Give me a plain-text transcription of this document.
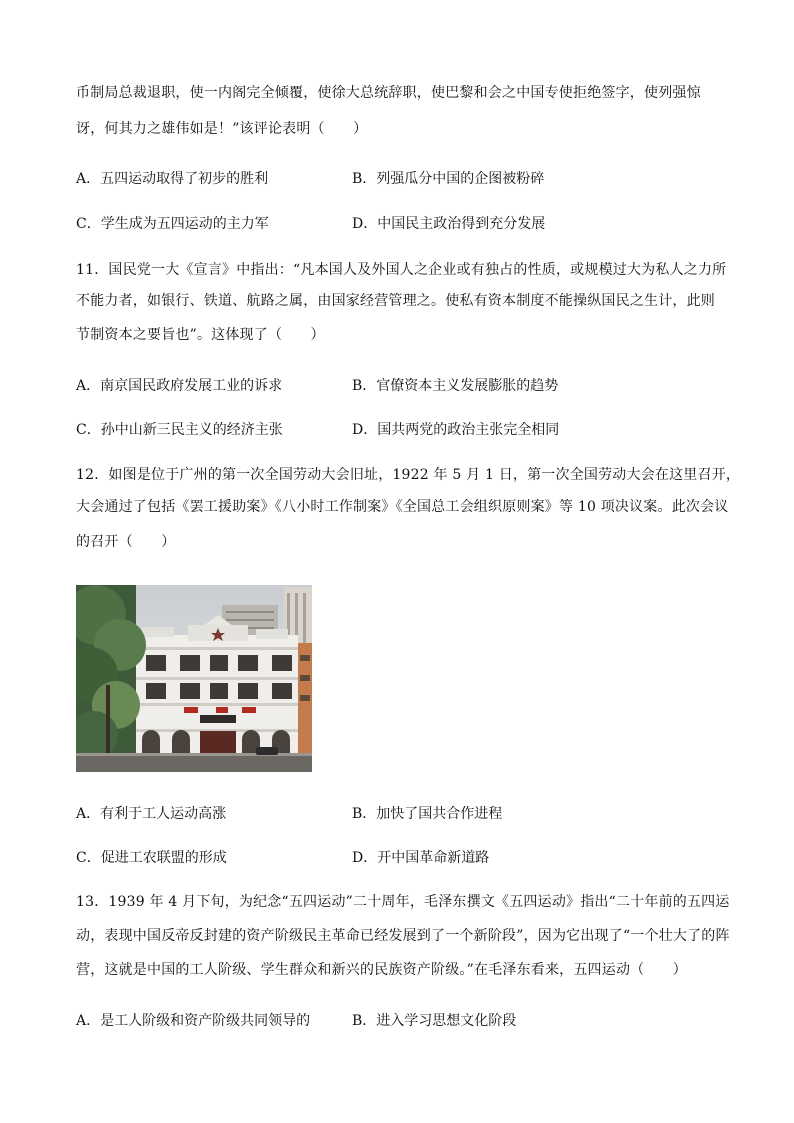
币制局总裁退职，使一内阁完全倾覆，使徐大总统辞职，使巴黎和会之中国专使拒绝签字，使列强惊
讶，何其力之雄伟如是！”该评论表明（　　）
A．五四运动取得了初步的胜利	B．列强瓜分中国的企图被粉碎
C．学生成为五四运动的主力军	D．中国民主政治得到充分发展
11．国民党一大《宣言》中指出：“凡本国人及外国人之企业或有独占的性质，或规模过大为私人之力所
不能力者，如银行、铁道、航路之属，由国家经营管理之。使私有资本制度不能操纵国民之生计，此则
节制资本之要旨也”。这体现了（　　）
A．南京国民政府发展工业的诉求	B．官僚资本主义发展膨胀的趋势
C．孙中山新三民主义的经济主张	D．国共两党的政治主张完全相同
12．如图是位于广州的第一次全国劳动大会旧址，1922 年 5 月 1 日，第一次全国劳动大会在这里召开，
大会通过了包括《罢工援助案》《八小时工作制案》《全国总工会组织原则案》等 10 项决议案。此次会议
的召开（　　）
A．有利于工人运动高涨	B．加快了国共合作进程
C．促进工农联盟的形成	D．开中国革命新道路
13．1939 年 4 月下旬，为纪念“五四运动”二十周年，毛泽东撰文《五四运动》指出“二十年前的五四运
动，表现中国反帝反封建的资产阶级民主革命已经发展到了一个新阶段”，因为它出现了“一个壮大了的阵
营，这就是中国的工人阶级、学生群众和新兴的民族资产阶级。”在毛泽东看来，五四运动（　　）
A．是工人阶级和资产阶级共同领导的	B．进入学习思想文化阶段
